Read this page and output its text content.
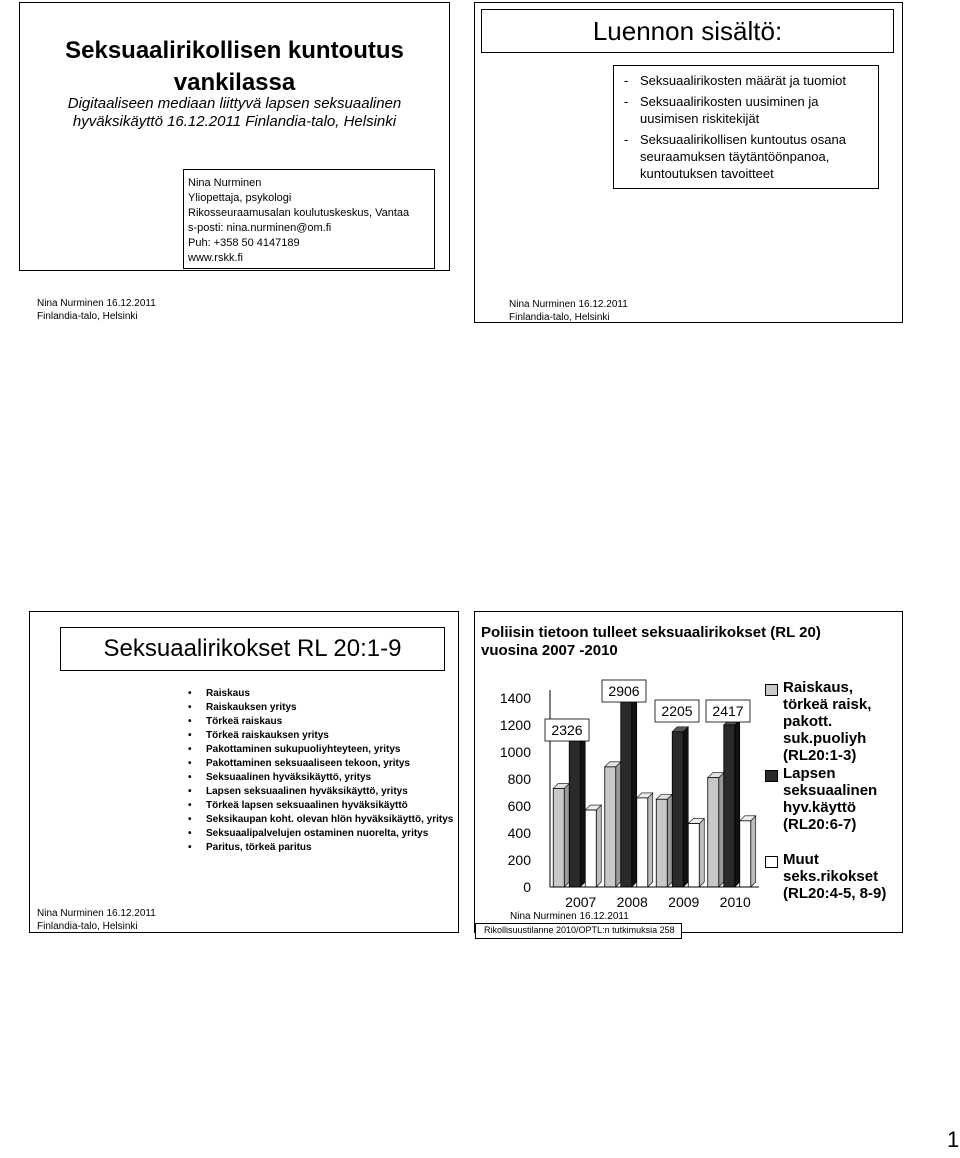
Seksuaalirikollisen kuntoutus
vankilassa
Digitaaliseen mediaan liittyvä lapsen seksuaalinen
hyväksikäyttö 16.12.2011 Finlandia-talo, Helsinki
Nina Nurminen
Yliopettaja, psykologi
Rikosseuraamusalan koulutuskeskus, Vantaa
s-posti: nina.nurminen@om.fi
Puh: +358 50 4147189
www.rskk.fi
Nina Nurminen 16.12.2011
Finlandia-talo, Helsinki
Luennon sisältö:
- Seksuaalirikosten määrät ja tuomiot
- Seksuaalirikosten uusiminen ja uusimisen riskitekijät
- Seksuaalirikollisen kuntoutus osana seuraamuksen täytäntöönpanoa, kuntoutuksen tavoitteet
Nina Nurminen 16.12.2011
Finlandia-talo, Helsinki
Seksuaalirikokset RL 20:1-9
• Raiskaus
• Raiskauksen yritys
• Törkeä raiskaus
• Törkeä raiskauksen yritys
• Pakottaminen sukupuoliyhteyteen, yritys
• Pakottaminen seksuaaliseen tekoon, yritys
• Seksuaalinen hyväksikäyttö, yritys
• Lapsen seksuaalinen hyväksikäyttö, yritys
• Törkeä lapsen seksuaalinen hyväksikäyttö
• Seksikaupan koht. olevan hlön hyväksikäyttö, yritys
• Seksuaalipalvelujen ostaminen nuorelta, yritys
• Paritus, törkeä paritus
Nina Nurminen 16.12.2011
Finlandia-talo, Helsinki
1400
1200
1000
800
600
400
200
0
2007 2008 2009 2010
2326
2906
2205 2417
Poliisin tietoon tulleet seksuaalirikokset (RL 20)
vuosina 2007 -2010
Raiskaus,
törkeä raisk,
pakott.
suk.puoliyh
(RL20:1-3)
Lapsen
seksuaalinen
hyv.käyttö
(RL20:6-7)
Muut
seks.rikokset
(RL20:4-5, 8-9)
Nina Nurminen 16.12.2011
Rikollisuustilanne 2010/OPTL:n tutkimuksia 258
1
